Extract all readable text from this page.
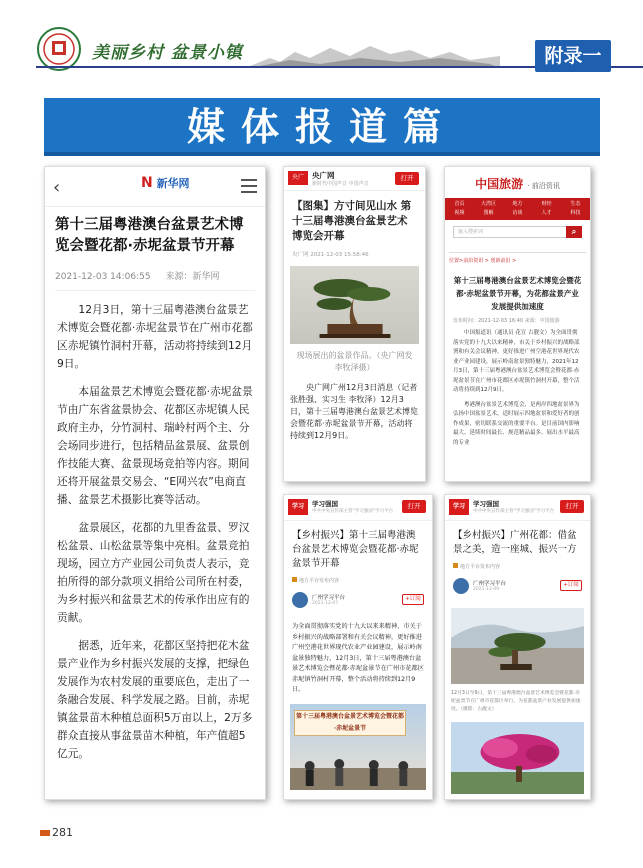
美丽乡村 盆景小镇	附录一
媒体报道篇
‹	N 新华网
第十三届粤港澳台盆景艺术博览会暨花都·赤坭盆景节开幕
2021-12-03 14:06:55 来源：新华网

12月3日，第十三届粤港澳台盆景艺术博览会暨花都·赤坭盆景节在广州市花都区赤坭镇竹洞村开幕，活动将持续到12月9日。

本届盆景艺术博览会暨花都·赤坭盆景节由广东省盆景协会、花都区赤坭镇人民政府主办，分竹洞村、瑞岭村两个主、分会场同步进行，包括精品盆景展、盆景创作技能大赛、盆景现场竞拍等内容。期间还将开展盆景交易会、“E网兴农”电商直播、盆景艺术摄影比赛等活动。

盆景展区，花都的九里香盆景、罗汉松盆景、山松盆景等集中亮相。盆景竞拍现场，园立方产业园公司负责人表示，竞拍所得的部分款项义捐给公司所在村委，为乡村振兴和盆景艺术的传承作出应有的贡献。

据悉，近年来，花都区坚持把花木盆景产业作为乡村振兴发展的支撑，把绿色发展作为农村发展的重要底色，走出了一条融合发展、科学发展之路。目前，赤坭镇盆景苗木种植总面积5万亩以上，2万多群众直接从事盆景苗木种植，年产值超5亿元。

央广	央广网
新时代中国声音 中国声音
打开
【图集】方寸间见山水 第十三届粤港澳台盆景艺术博览会开幕
央广网 2021-12-03 15:58:46
现场展出的盆景作品。（央广网发 李牧泽摄）

央广网广州12月3日消息（记者张胜强、实习生 李牧泽）12月3日，第十三届粤港澳台盆景艺术博览会暨花都·赤坭盆景节开幕，活动将持续到12月9日。

中国旅游 · 前沿资讯
首页	大湾区	地方	财经	生态
视频	图解	访谈	人才	科技
输入搜索词	⌕
位置>前沿资讯 > 创新前沿 >
第十三届粤港澳台盆景艺术博览会暨花都·赤坭盆景节开幕，为花都盆景产业发展提供加速度
发布时间：2021-12-03 16:40 来源：中国旅游

中国报道讯（通讯员 花宣 古靓文）为全面贯彻落实党的十九大以来精神，市关于乡村振兴的战略部署和有关会议精神，更好推进广州空港花世界现代农业产业园建设，展示岭南盆景独特魅力，2021年12月3日，第十三届粤港澳台盆景艺术博览会暨花都·赤坭盆景节在广州市花都区赤坭镇竹洞村开幕，整个活动将持续到12月9日。

粤港澳台盆景艺术博览会，是两岸四地盆景界为弘扬中国盆景艺术，适时展示四地盆景和爱好者的创作成果，密切联系交流的重要平台。是目前国内影响最大、延续时间最长、规范精品最多、展出水平最高的专业

学习	学习强国
中共中央宣传部主管“学习强国”学习平台
打开
【乡村振兴】第十三届粤港澳台盆景艺术博览会暨花都·赤坭盆景节开幕
地方平台发布内容
广州学习平台
2021-12-07
+订阅

为全面贯彻落实党的十九大以来来精神、市关于乡村振兴的战略部署和有关会议精神，更好推进广州空港花世界现代农业产业园建设，展示岭南盆景独特魅力，12月3日，第十三届粤港澳台盆景艺术博览会暨花都·赤坭盆景节在广州市花都区赤坭镇竹洞村开幕，整个活动将持续到12月9日。

第十三届粤港澳台盆景艺术博览会暨花都·赤坭盆景节
学习	学习强国
中共中央宣传部主管“学习强国”学习平台
打开
【乡村振兴】广州花都：借盆景之美，造一座城、振兴一方
地方平台发布内容
广州学习平台
2021-12-09
+订阅
12月3日至9日，第十三届粤港澳台盆景艺术博览会暨花都·赤坭盆景节在广州市花都区举行。为花都盆景产业发展提供加速度。（摄影：古靓文）
281
